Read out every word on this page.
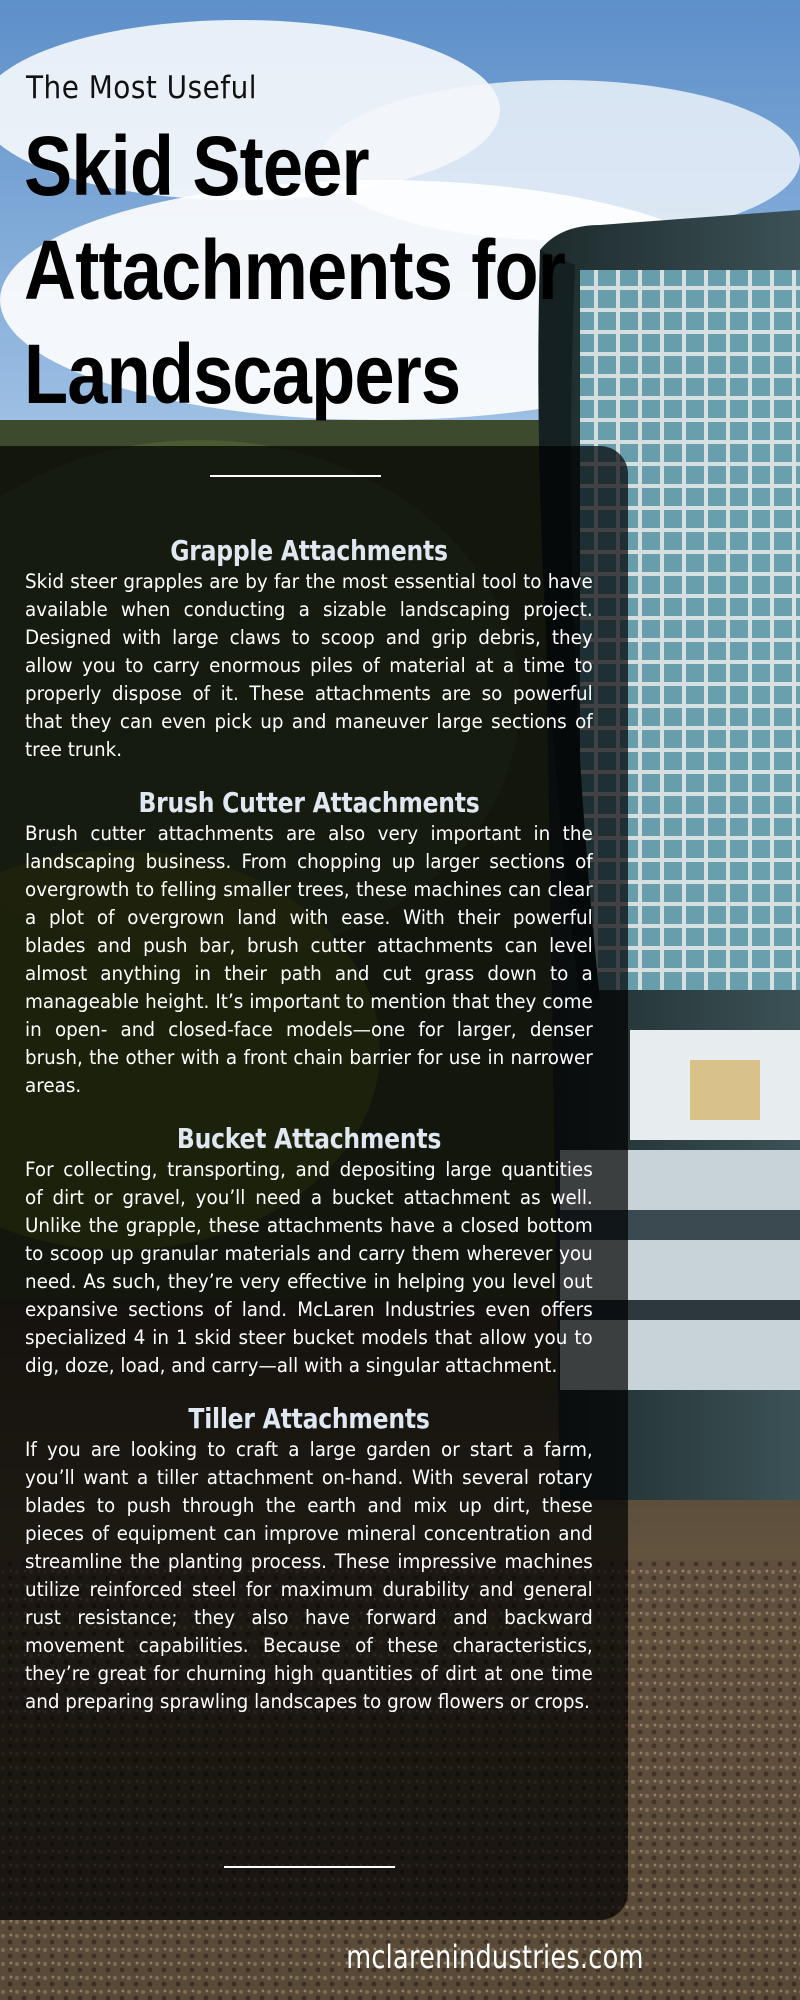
The Most Useful
Skid Steer Attachments for Landscapers
Grapple Attachments

Skid steer grapples are by far the most essential tool to have available when conducting a sizable landscaping project. Designed with large claws to scoop and grip debris, they allow you to carry enormous piles of material at a time to properly dispose of it. These attachments are so powerful that they can even pick up and maneuver large sections of tree trunk.

Brush Cutter Attachments

Brush cutter attachments are also very important in the landscaping business. From chopping up larger sections of overgrowth to felling smaller trees, these machines can clear a plot of overgrown land with ease. With their powerful blades and push bar, brush cutter attachments can level almost anything in their path and cut grass down to a manageable height. It’s important to mention that they come in open- and closed-face models—one for larger, denser brush, the other with a front chain barrier for use in narrower areas.

Bucket Attachments

For collecting, transporting, and depositing large quantities of dirt or gravel, you’ll need a bucket attachment as well. Unlike the grapple, these attachments have a closed bottom to scoop up granular materials and carry them wherever you need. As such, they’re very effective in helping you level out expansive sections of land. McLaren Industries even offers specialized 4 in 1 skid steer bucket models that allow you to dig, doze, load, and carry—all with a singular attachment.

Tiller Attachments

If you are looking to craft a large garden or start a farm, you’ll want a tiller attachment on-hand. With several rotary blades to push through the earth and mix up dirt, these pieces of equipment can improve mineral concentration and streamline the planting process. These impressive machines utilize reinforced steel for maximum durability and general rust resistance; they also have forward and backward movement capabilities. Because of these characteristics, they’re great for churning high quantities of dirt at one time and preparing sprawling landscapes to grow flowers or crops.

mclarenindustries.com
